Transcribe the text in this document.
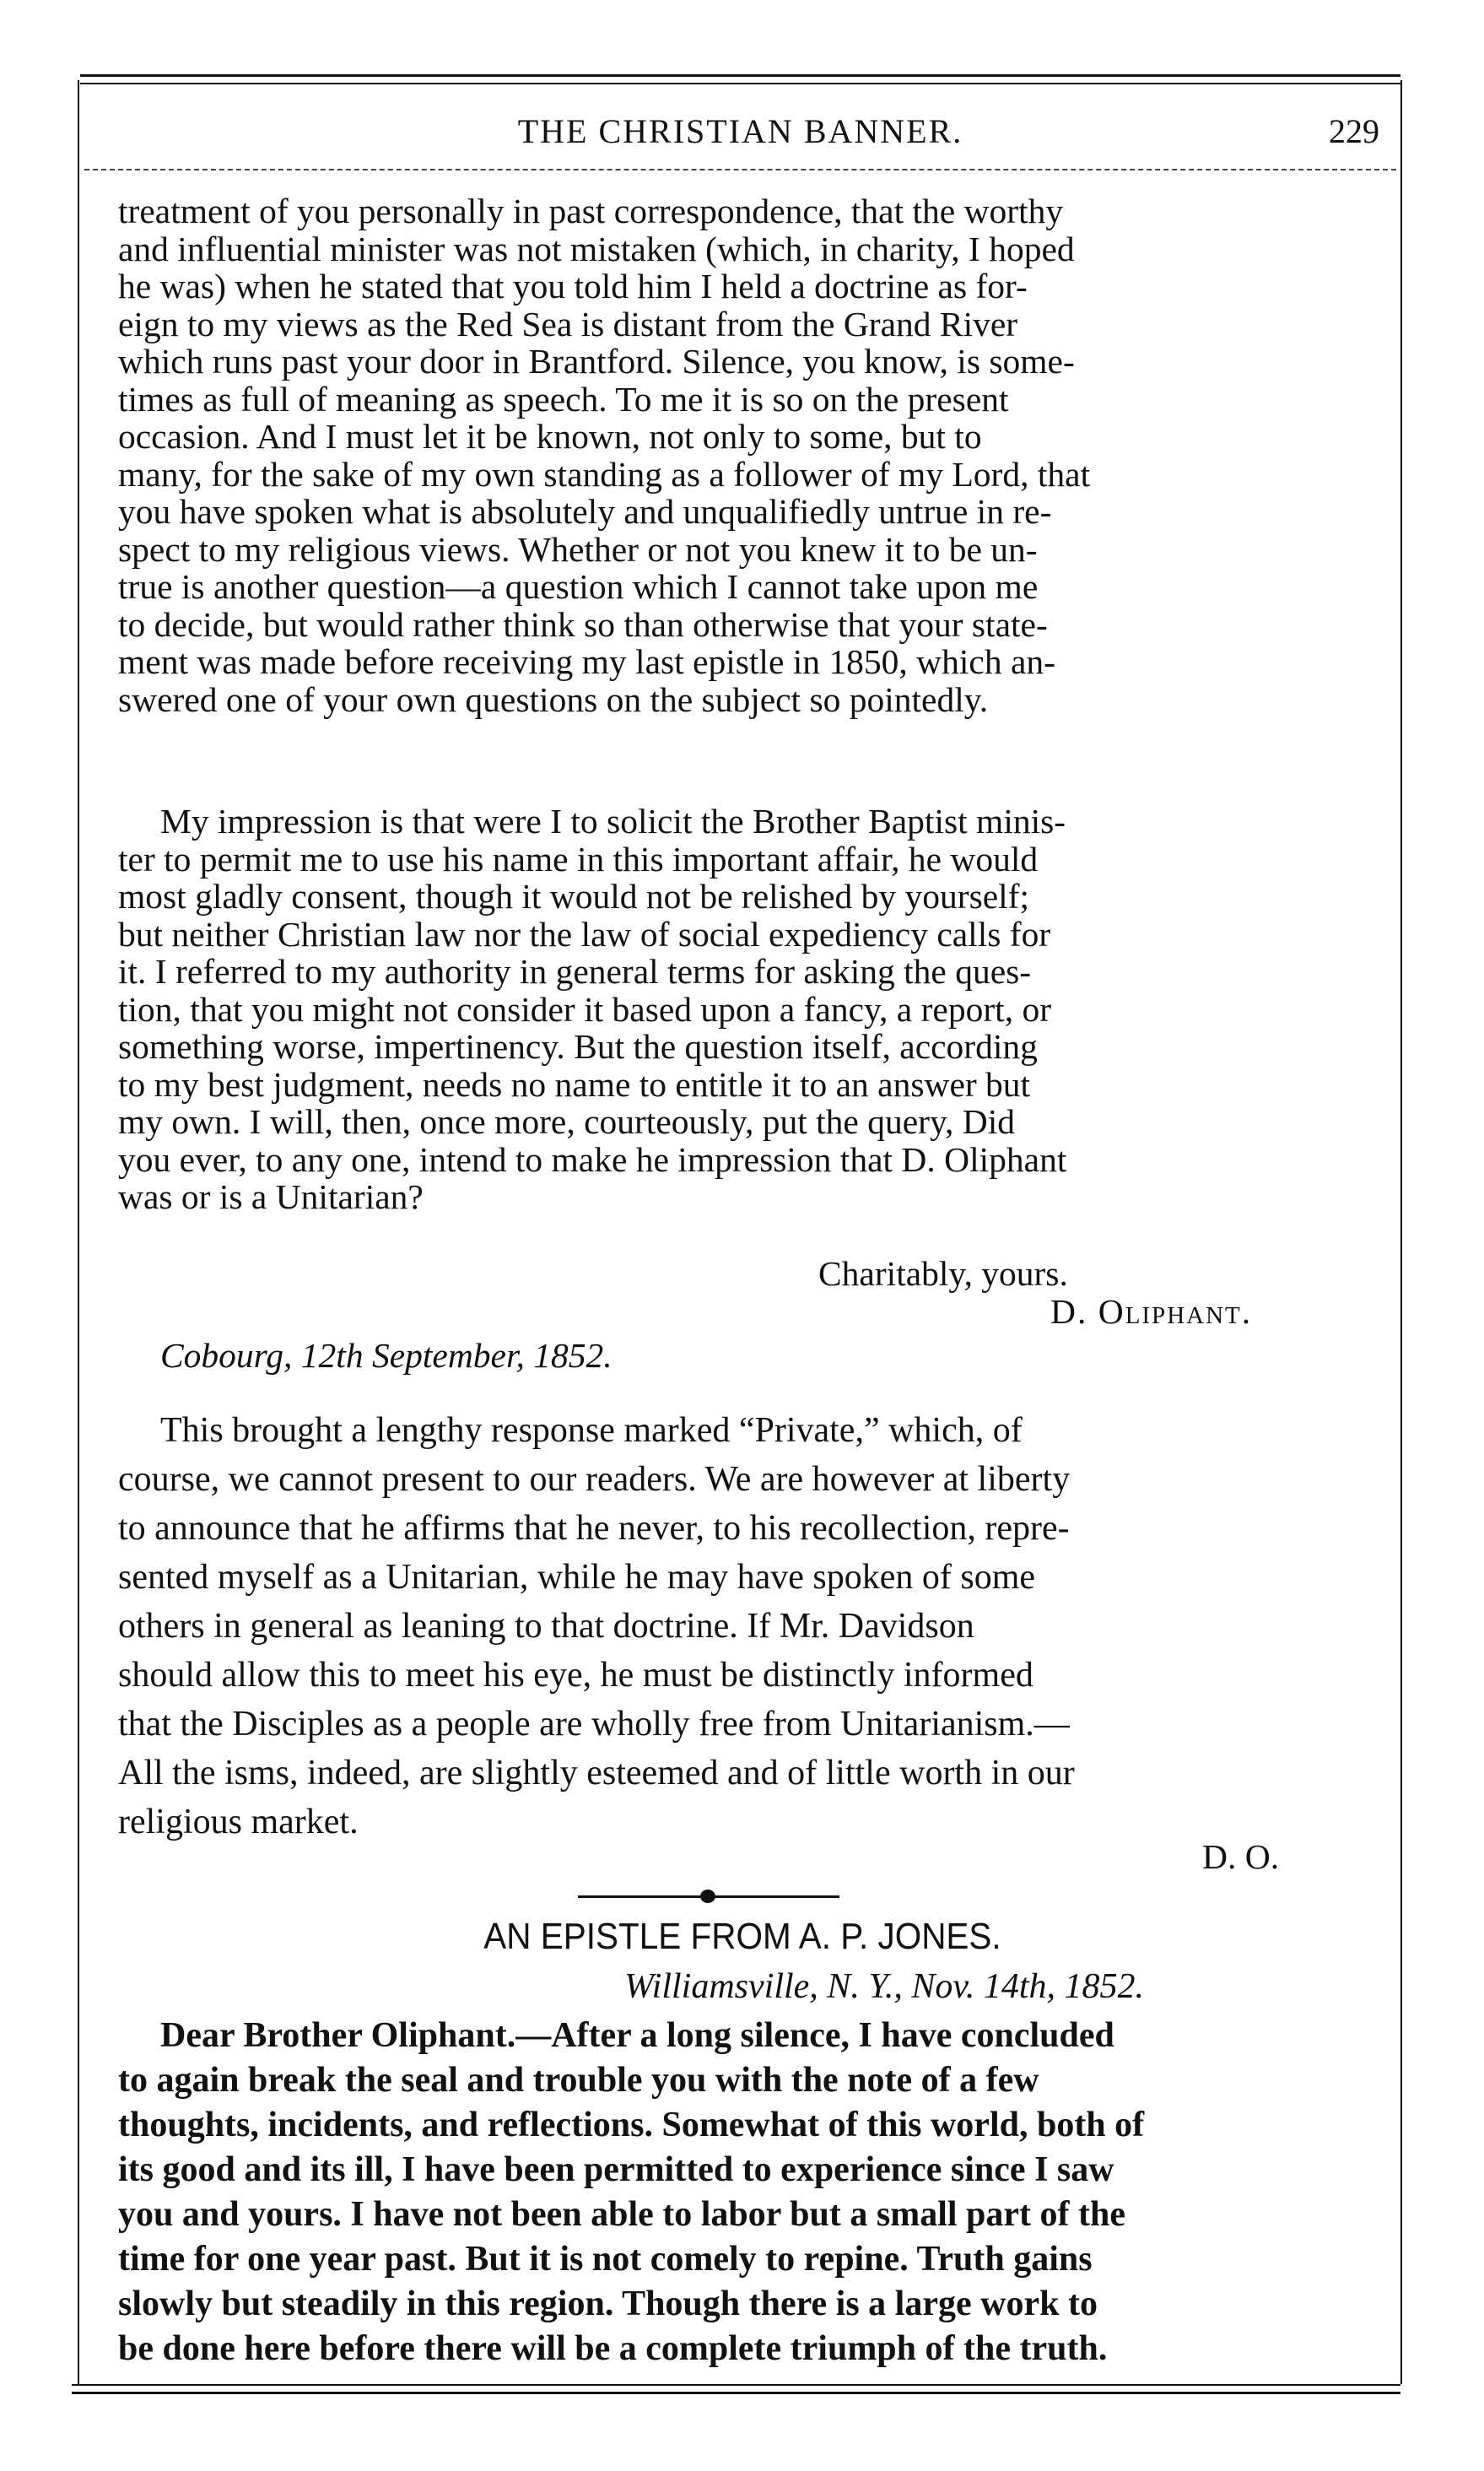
THE CHRISTIAN BANNER.	229

treatment of you personally in past correspondence, that the worthy

and influential minister was not mistaken (which, in charity, I hoped

he was) when he stated that you told him I held a doctrine as for-

eign to my views as the Red Sea is distant from the Grand River

which runs past your door in Brantford. Silence, you know, is some-

times as full of meaning as speech. To me it is so on the present

occasion. And I must let it be known, not only to some, but to

many, for the sake of my own standing as a follower of my Lord, that

you have spoken what is absolutely and unqualifiedly untrue in re-

spect to my religious views. Whether or not you knew it to be un-

true is another question—a question which I cannot take upon me

to decide, but would rather think so than otherwise that your state-

ment was made before receiving my last epistle in 1850, which an-

swered one of your own questions on the subject so pointedly.

My impression is that were I to solicit the Brother Baptist minis-

ter to permit me to use his name in this important affair, he would

most gladly consent, though it would not be relished by yourself;

but neither Christian law nor the law of social expediency calls for

it. I referred to my authority in general terms for asking the ques-

tion, that you might not consider it based upon a fancy, a report, or

something worse, impertinency. But the question itself, according

to my best judgment, needs no name to entitle it to an answer but

my own. I will, then, once more, courteously, put the query, Did

you ever, to any one, intend to make he impression that D. Oliphant

was or is a Unitarian?

Charitably, yours.
D. Oliphant.
Cobourg, 12th September, 1852.

This brought a lengthy response marked “Private,” which, of

course, we cannot present to our readers. We are however at liberty

to announce that he affirms that he never, to his recollection, repre-

sented myself as a Unitarian, while he may have spoken of some

others in general as leaning to that doctrine. If Mr. Davidson

should allow this to meet his eye, he must be distinctly informed

that the Disciples as a people are wholly free from Unitarianism.—

All the isms, indeed, are slightly esteemed and of little worth in our

religious market.

D. O.
AN EPISTLE FROM A. P. JONES.
Williamsville, N. Y., Nov. 14th, 1852.

Dear Brother Oliphant.—After a long silence, I have concluded

to again break the seal and trouble you with the note of a few

thoughts, incidents, and reflections. Somewhat of this world, both of

its good and its ill, I have been permitted to experience since I saw

you and yours. I have not been able to labor but a small part of the

time for one year past. But it is not comely to repine. Truth gains

slowly but steadily in this region. Though there is a large work to

be done here before there will be a complete triumph of the truth.
